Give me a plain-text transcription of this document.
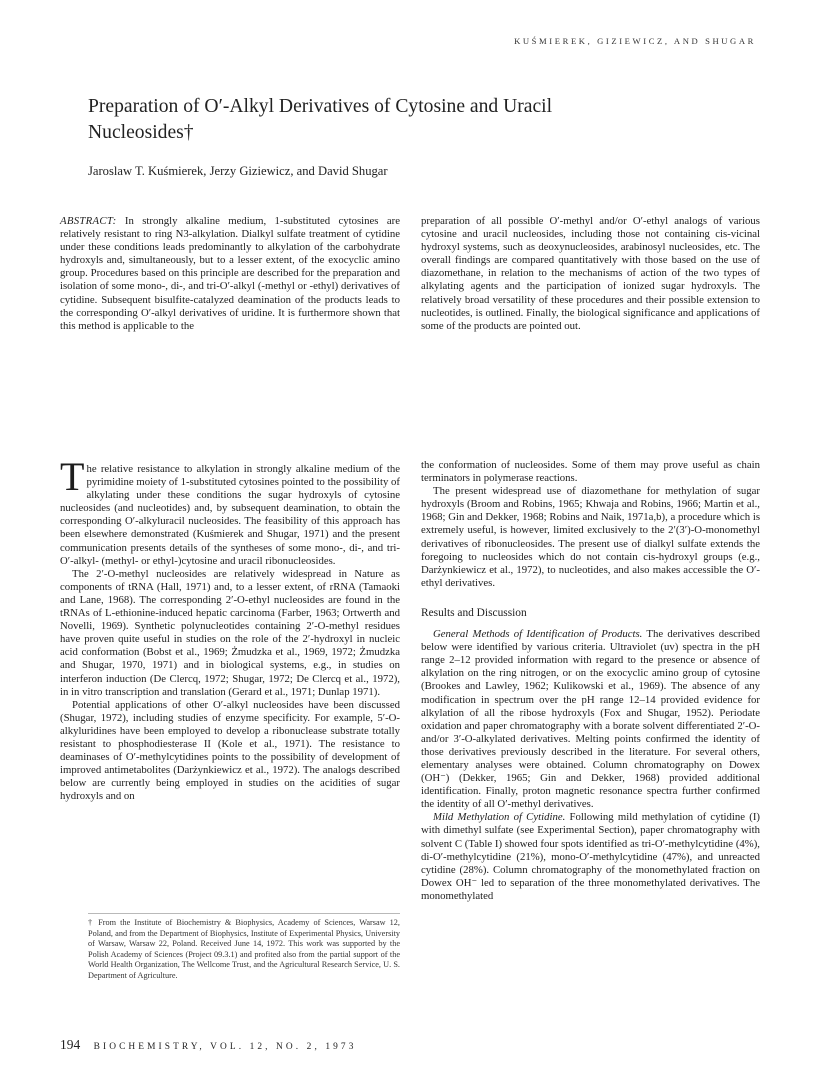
KUŚMIEREK, GIZIEWICZ, AND SHUGAR
Preparation of O′-Alkyl Derivatives of Cytosine and Uracil Nucleosides†
Jaroslaw T. Kuśmierek, Jerzy Giziewicz, and David Shugar
ABSTRACT: In strongly alkaline medium, 1-substituted cytosines are relatively resistant to ring N3-alkylation. Dialkyl sulfate treatment of cytidine under these conditions leads predominantly to alkylation of the carbohydrate hydroxyls and, simultaneously, but to a lesser extent, of the exocyclic amino group. Procedures based on this principle are described for the preparation and isolation of some mono-, di-, and tri-O′-alkyl (-methyl or -ethyl) derivatives of cytidine. Subsequent bisulfite-catalyzed deamination of the products leads to the corresponding O′-alkyl derivatives of uridine. It is furthermore shown that this method is applicable to the
preparation of all possible O′-methyl and/or O′-ethyl analogs of various cytosine and uracil nucleosides, including those not containing cis-vicinal hydroxyl systems, such as deoxynucleosides, arabinosyl nucleosides, etc. The overall findings are compared quantitatively with those based on the use of diazomethane, in relation to the mechanisms of action of the two types of alkylating agents and the participation of ionized sugar hydroxyls. The relatively broad versatility of these procedures and their possible extension to nucleotides, is outlined. Finally, the biological significance and applications of some of the products are pointed out.

The relative resistance to alkylation in strongly alkaline medium of the pyrimidine moiety of 1-substituted cytosines pointed to the possibility of alkylating under these conditions the sugar hydroxyls of cytosine nucleosides (and nucleotides) and, by subsequent deamination, to obtain the corresponding O′-alkyluracil nucleosides. The feasibility of this approach has been elsewhere demonstrated (Kuśmierek and Shugar, 1971) and the present communication presents details of the syntheses of some mono-, di-, and tri-O′-alkyl- (methyl- or ethyl-)cytosine and uracil ribonucleosides.

The 2′-O-methyl nucleosides are relatively widespread in Nature as components of tRNA (Hall, 1971) and, to a lesser extent, of rRNA (Tamaoki and Lane, 1968). The corresponding 2′-O-ethyl nucleosides are found in the tRNAs of L-ethionine-induced hepatic carcinoma (Farber, 1963; Ortwerth and Novelli, 1969). Synthetic polynucleotides containing 2′-O-methyl residues have proven quite useful in studies on the role of the 2′-hydroxyl in nucleic acid conformation (Bobst et al., 1969; Żmudzka et al., 1969, 1972; Żmudzka and Shugar, 1970, 1971) and in biological systems, e.g., in studies on interferon induction (De Clercq, 1972; Shugar, 1972; De Clercq et al., 1972), in in vitro transcription and translation (Gerard et al., 1971; Dunlap 1971).

Potential applications of other O′-alkyl nucleosides have been discussed (Shugar, 1972), including studies of enzyme specificity. For example, 5′-O-alkyluridines have been employed to develop a ribonuclease substrate totally resistant to phosphodiesterase II (Kole et al., 1971). The resistance to deaminases of O′-methylcytidines points to the possibility of development of improved antimetabolites (Darżynkiewicz et al., 1972). The analogs described below are currently being employed in studies on the acidities of sugar hydroxyls and on

the conformation of nucleosides. Some of them may prove useful as chain terminators in polymerase reactions.

The present widespread use of diazomethane for methylation of sugar hydroxyls (Broom and Robins, 1965; Khwaja and Robins, 1966; Martin et al., 1968; Gin and Dekker, 1968; Robins and Naik, 1971a,b), a procedure which is extremely useful, is however, limited exclusively to the 2′(3′)-O-monomethyl derivatives of ribonucleosides. The present use of dialkyl sulfate extends the foregoing to nucleosides which do not contain cis-hydroxyl groups (e.g., Darżynkiewicz et al., 1972), to nucleotides, and also makes accessible the O′-ethyl derivatives.

Results and Discussion

General Methods of Identification of Products. The derivatives described below were identified by various criteria. Ultraviolet (uv) spectra in the pH range 2–12 provided information with regard to the presence or absence of alkylation on the ring nitrogen, or on the exocyclic amino group of cytosine (Brookes and Lawley, 1962; Kulikowski et al., 1969). The absence of any modification in spectrum over the pH range 12–14 provided evidence for alkylation of all the ribose hydroxyls (Fox and Shugar, 1952). Periodate oxidation and paper chromatography with a borate solvent differentiated 2′-O- and/or 3′-O-alkylated derivatives. Melting points confirmed the identity of those derivatives previously described in the literature. For several others, elementary analyses were obtained. Column chromatography on Dowex (OH⁻) (Dekker, 1965; Gin and Dekker, 1968) provided additional identification. Finally, proton magnetic resonance spectra further confirmed the identity of all O′-methyl derivatives.

Mild Methylation of Cytidine. Following mild methylation of cytidine (I) with dimethyl sulfate (see Experimental Section), paper chromatography with solvent C (Table I) showed four spots identified as tri-O′-methylcytidine (4%), di-O′-methylcytidine (21%), mono-O′-methylcytidine (47%), and unreacted cytidine (28%). Column chromatography of the monomethylated fraction on Dowex OH⁻ led to separation of the three monomethylated derivatives. The monomethylated

† From the Institute of Biochemistry & Biophysics, Academy of Sciences, Warsaw 12, Poland, and from the Department of Biophysics, Institute of Experimental Physics, University of Warsaw, Warsaw 22, Poland. Received June 14, 1972. This work was supported by the Polish Academy of Sciences (Project 09.3.1) and profited also from the partial support of the World Health Organization, The Wellcome Trust, and the Agricultural Research Service, U. S. Department of Agriculture.
194 BIOCHEMISTRY, VOL. 12, NO. 2, 1973
